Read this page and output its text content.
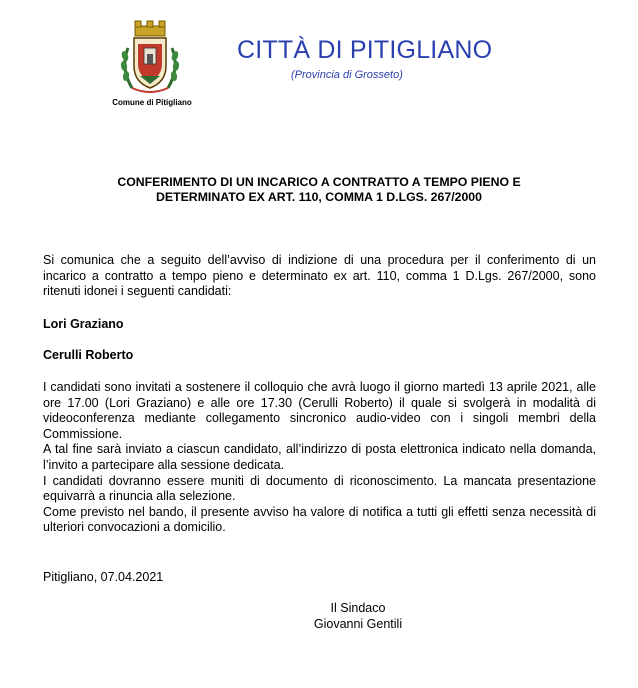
Comune di Pitigliano
CITTÀ DI PITIGLIANO
(Provincia di Grosseto)
CONFERIMENTO DI UN INCARICO A CONTRATTO A TEMPO PIENO E
DETERMINATO EX ART. 110, COMMA 1 D.LGS. 267/2000

Si comunica che a seguito dell’avviso di indizione di una procedura per il conferimento di un incarico a contratto a tempo pieno e determinato ex art. 110, comma 1 D.Lgs. 267/2000, sono ritenuti idonei i seguenti candidati:

Lori Graziano
Cerulli Roberto
I candidati sono invitati a sostenere il colloquio che avrà luogo il giorno martedì 13 aprile 2021, alle ore 17.00 (Lori Graziano) e alle ore 17.30 (Cerulli Roberto) il quale si svolgerà in modalità di videoconferenza mediante collegamento sincronico audio-video con i singoli membri della Commissione.
A tal fine sarà inviato a ciascun candidato, all’indirizzo di posta elettronica indicato nella domanda, l’invito a partecipare alla sessione dedicata.
I candidati dovranno essere muniti di documento di riconoscimento. La mancata presentazione equivarrà a rinuncia alla selezione.
Come previsto nel bando, il presente avviso ha valore di notifica a tutti gli effetti senza necessità di ulteriori convocazioni a domicilio.
Pitigliano, 07.04.2021
Il Sindaco
Giovanni Gentili
